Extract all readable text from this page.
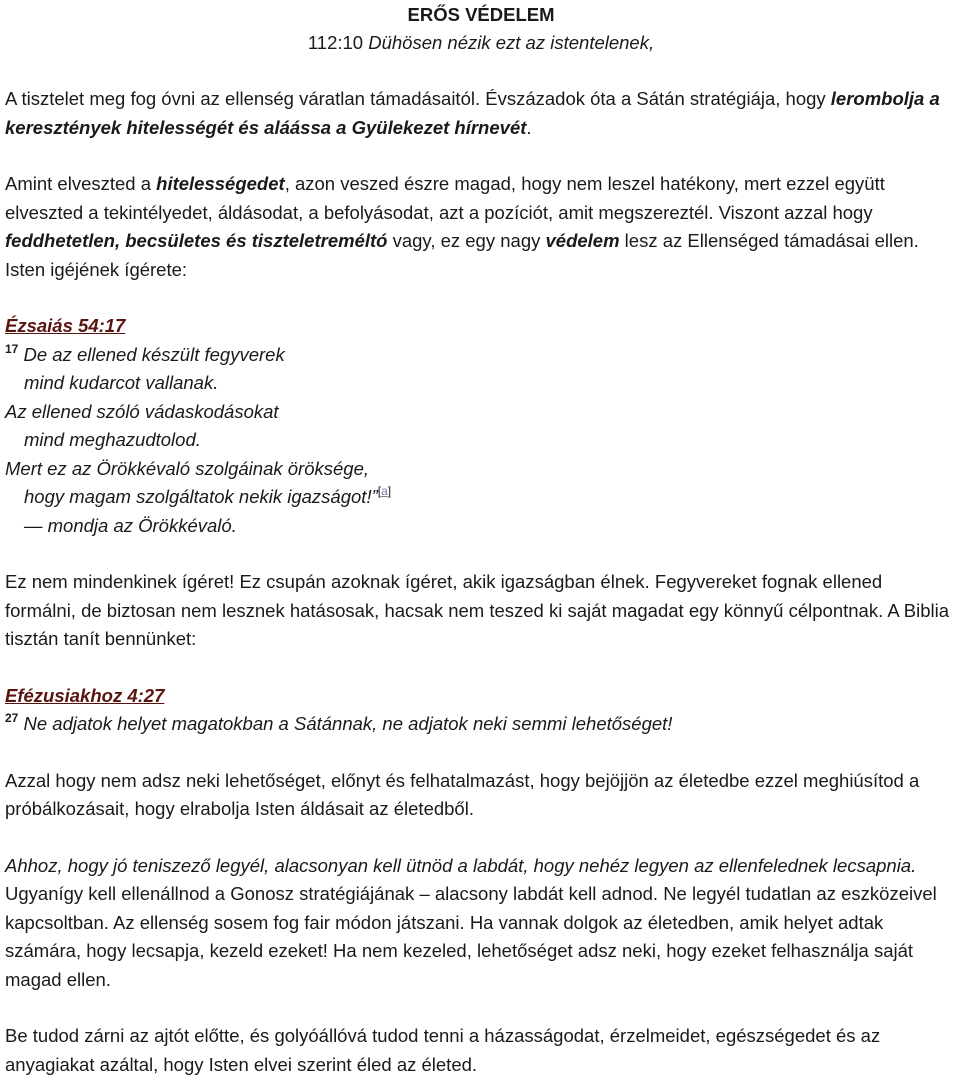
ERŐS VÉDELEM

112:10 Dühösen nézik ezt az istentelenek,

A tisztelet meg fog óvni az ellenség váratlan támadásaitól. Évszázadok óta a Sátán stratégiája, hogy lerombolja a keresztények hitelességét és aláássa a Gyülekezet hírnevét.

Amint elveszted a hitelességedet, azon veszed észre magad, hogy nem leszel hatékony, mert ezzel együtt elveszted a tekintélyedet, áldásodat, a befolyásodat, azt a pozíciót, amit megszereztél. Viszont azzal hogy feddhetetlen, becsületes és tiszteletreméltó vagy, ez egy nagy védelem lesz az Ellenséged támadásai ellen. Isten igéjének ígérete:

Ézsaiás 54:17

$^{17}$ De az ellened készült fegyverek

mind kudarcot vallanak.

Az ellened szóló vádaskodásokat

mind meghazudtolod.

Mert ez az Örökkévaló szolgáinak öröksége,

hogy magam szolgáltatok nekik igazságot!”[a]

— mondja az Örökkévaló.

Ez nem mindenkinek ígéret! Ez csupán azoknak ígéret, akik igazságban élnek. Fegyvereket fognak ellened formálni, de biztosan nem lesznek hatásosak, hacsak nem teszed ki saját magadat egy könnyű célpontnak. A Biblia tisztán tanít bennünket:

Efézusiakhoz 4:27

$^{27}$ Ne adjatok helyet magatokban a Sátánnak, ne adjatok neki semmi lehetőséget!

Azzal hogy nem adsz neki lehetőséget, előnyt és felhatalmazást, hogy bejöjjön az életedbe ezzel meghiúsítod a próbálkozásait, hogy elrabolja Isten áldásait az életedből.

Ahhoz, hogy jó teniszező legyél, alacsonyan kell ütnöd a labdát, hogy nehéz legyen az ellenfelednek lecsapnia. Ugyanígy kell ellenállnod a Gonosz stratégiájának – alacsony labdát kell adnod. Ne legyél tudatlan az eszközeivel kapcsoltban. Az ellenség sosem fog fair módon játszani. Ha vannak dolgok az életedben, amik helyet adtak számára, hogy lecsapja, kezeld ezeket! Ha nem kezeled, lehetőséget adsz neki, hogy ezeket felhasználja saját magad ellen.

Be tudod zárni az ajtót előtte, és golyóállóvá tudod tenni a házasságodat, érzelmeidet, egészségedet és az anyagiakat azáltal, hogy Isten elvei szerint éled az életed.
